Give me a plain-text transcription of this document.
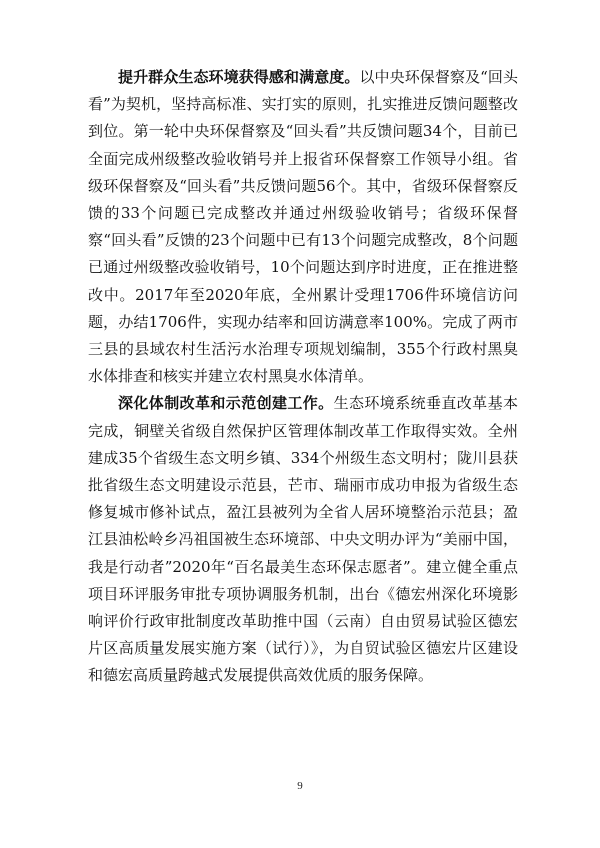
提升群众生态环境获得感和满意度。以中央环保督察及“回头看”为契机，坚持高标准、实打实的原则，扎实推进反馈问题整改到位。第一轮中央环保督察及“回头看”共反馈问题34个，目前已全面完成州级整改验收销号并上报省环保督察工作领导小组。省级环保督察及“回头看”共反馈问题56个。其中，省级环保督察反馈的33个问题已完成整改并通过州级验收销号；省级环保督察“回头看”反馈的23个问题中已有13个问题完成整改，8个问题已通过州级整改验收销号，10个问题达到序时进度，正在推进整改中。2017年至2020年底，全州累计受理1706件环境信访问题，办结1706件，实现办结率和回访满意率100%。完成了两市三县的县域农村生活污水治理专项规划编制，355个行政村黑臭水体排查和核实并建立农村黑臭水体清单。

深化体制改革和示范创建工作。生态环境系统垂直改革基本完成，铜壁关省级自然保护区管理体制改革工作取得实效。全州建成35个省级生态文明乡镇、334个州级生态文明村；陇川县获批省级生态文明建设示范县，芒市、瑞丽市成功申报为省级生态修复城市修补试点，盈江县被列为全省人居环境整治示范县；盈江县油松岭乡冯祖国被生态环境部、中央文明办评为“美丽中国，我是行动者”2020年“百名最美生态环保志愿者”。建立健全重点项目环评服务审批专项协调服务机制，出台《德宏州深化环境影响评价行政审批制度改革助推中国（云南）自由贸易试验区德宏片区高质量发展实施方案（试行）》，为自贸试验区德宏片区建设和德宏高质量跨越式发展提供高效优质的服务保障。

9
